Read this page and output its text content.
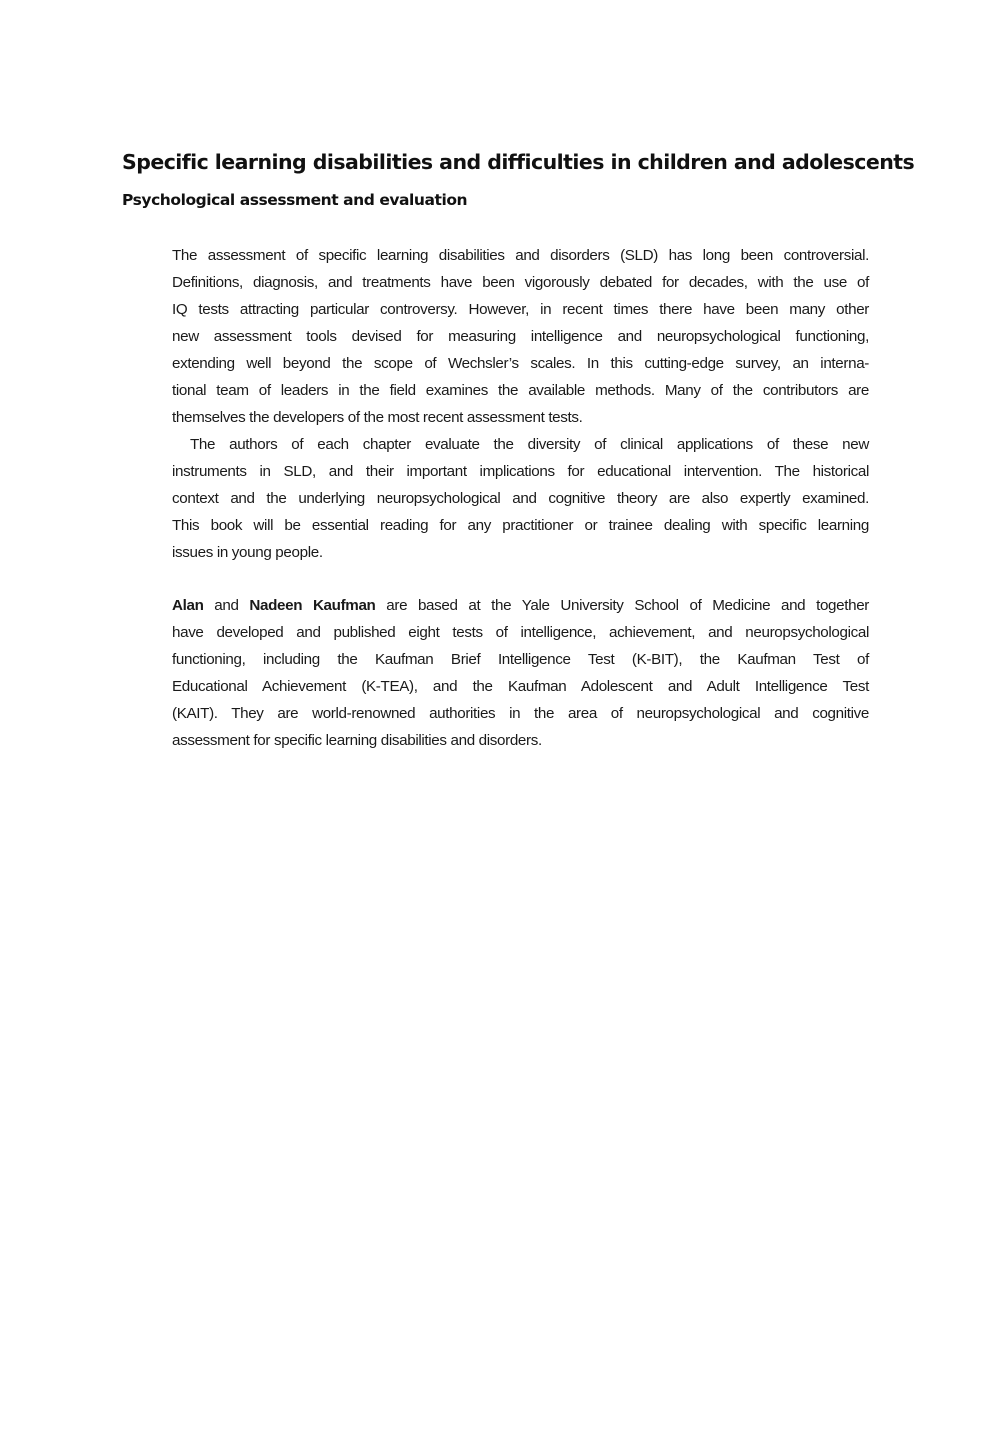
Specific learning disabilities and difficulties in children and adolescents
Psychological assessment and evaluation
The assessment of specific learning disabilities and disorders (SLD) has long been controversial.
Definitions, diagnosis, and treatments have been vigorously debated for decades, with the use of
IQ tests attracting particular controversy. However, in recent times there have been many other
new assessment tools devised for measuring intelligence and neuropsychological functioning,
extending well beyond the scope of Wechsler’s scales. In this cutting-edge survey, an interna-
tional team of leaders in the field examines the available methods. Many of the contributors are
themselves the developers of the most recent assessment tests.
The authors of each chapter evaluate the diversity of clinical applications of these new
instruments in SLD, and their important implications for educational intervention. The historical
context and the underlying neuropsychological and cognitive theory are also expertly examined.
This book will be essential reading for any practitioner or trainee dealing with specific learning
issues in young people.
Alan and Nadeen Kaufman are based at the Yale University School of Medicine and together
have developed and published eight tests of intelligence, achievement, and neuropsychological
functioning, including the Kaufman Brief Intelligence Test (K-BIT), the Kaufman Test of
Educational Achievement (K-TEA), and the Kaufman Adolescent and Adult Intelligence Test
(KAIT). They are world-renowned authorities in the area of neuropsychological and cognitive
assessment for specific learning disabilities and disorders.
